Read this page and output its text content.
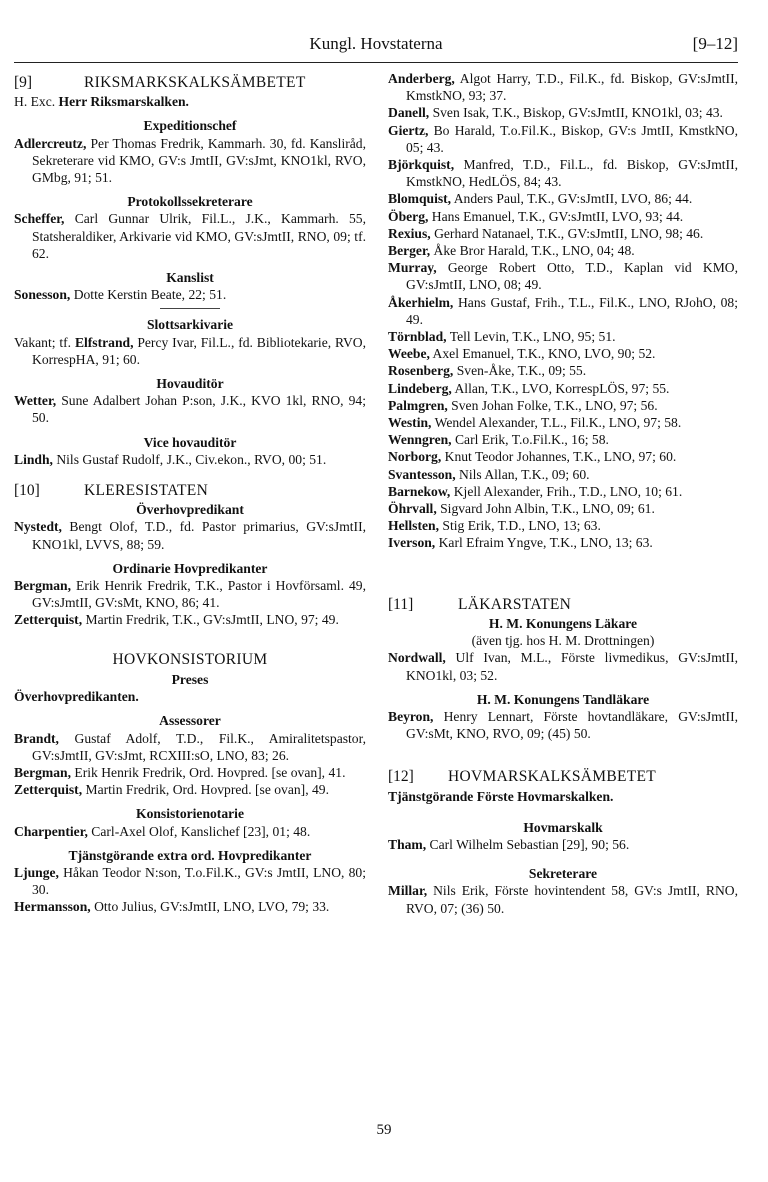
Kungl. Hovstaterna	[9–12]
[9]	RIKSMARKSKALKSÄMBETET
H. Exc. Herr Riksmarskalken.
Expeditionschef
Adlercreutz, Per Thomas Fredrik, Kammarh. 30, fd. Kansliråd, Sekreterare vid KMO, GV:s JmtII, GV:sJmt, KNO1kl, RVO, GMbg, 91; 51.
Protokollssekreterare
Scheffer, Carl Gunnar Ulrik, Fil.L., J.K., Kammarh. 55, Statsheraldiker, Arkivarie vid KMO, GV:sJmtII, RNO, 09; tf. 62.
Kanslist
Sonesson, Dotte Kerstin Beate, 22; 51.
Slottsarkivarie
Vakant; tf. Elfstrand, Percy Ivar, Fil.L., fd. Bibliotekarie, RVO, KorrespHA, 91; 60.
Hovauditör
Wetter, Sune Adalbert Johan P:son, J.K., KVO 1kl, RNO, 94; 50.
Vice hovauditör
Lindh, Nils Gustaf Rudolf, J.K., Civ.ekon., RVO, 00; 51.
[10]	KLERESISTATEN
Överhovpredikant
Nystedt, Bengt Olof, T.D., fd. Pastor primarius, GV:sJmtII, KNO1kl, LVVS, 88; 59.
Ordinarie Hovpredikanter
Bergman, Erik Henrik Fredrik, T.K., Pastor i Hovförsaml. 49, GV:sJmtII, GV:sMt, KNO, 86; 41.
Zetterquist, Martin Fredrik, T.K., GV:sJmtII, LNO, 97; 49.
HOVKONSISTORIUM
Preses
Överhovpredikanten.
Assessorer
Brandt, Gustaf Adolf, T.D., Fil.K., Amiralitetspastor, GV:sJmtII, GV:sJmt, RCXIII:sO, LNO, 83; 26.
Bergman, Erik Henrik Fredrik, Ord. Hovpred. [se ovan], 41.
Zetterquist, Martin Fredrik, Ord. Hovpred. [se ovan], 49.
Konsistorienotarie
Charpentier, Carl-Axel Olof, Kanslichef [23], 01; 48.
Tjänstgörande extra ord. Hovpredikanter
Ljunge, Håkan Teodor N:son, T.o.Fil.K., GV:s JmtII, LNO, 80; 30.
Hermansson, Otto Julius, GV:sJmtII, LNO, LVO, 79; 33.
Anderberg, Algot Harry, T.D., Fil.K., fd. Biskop, GV:sJmtII, KmstkNO, 93; 37.
Danell, Sven Isak, T.K., Biskop, GV:sJmtII, KNO1kl, 03; 43.
Giertz, Bo Harald, T.o.Fil.K., Biskop, GV:s JmtII, KmstkNO, 05; 43.
Björkquist, Manfred, T.D., Fil.L., fd. Biskop, GV:sJmtII, KmstkNO, HedLÖS, 84; 43.
Blomquist, Anders Paul, T.K., GV:sJmtII, LVO, 86; 44.
Öberg, Hans Emanuel, T.K., GV:sJmtII, LVO, 93; 44.
Rexius, Gerhard Natanael, T.K., GV:sJmtII, LNO, 98; 46.
Berger, Åke Bror Harald, T.K., LNO, 04; 48.
Murray, George Robert Otto, T.D., Kaplan vid KMO, GV:sJmtII, LNO, 08; 49.
Åkerhielm, Hans Gustaf, Frih., T.L., Fil.K., LNO, RJohO, 08; 49.
Törnblad, Tell Levin, T.K., LNO, 95; 51.
Weebe, Axel Emanuel, T.K., KNO, LVO, 90; 52.
Rosenberg, Sven-Åke, T.K., 09; 55.
Lindeberg, Allan, T.K., LVO, KorrespLÖS, 97; 55.
Palmgren, Sven Johan Folke, T.K., LNO, 97; 56.
Westin, Wendel Alexander, T.L., Fil.K., LNO, 97; 58.
Wenngren, Carl Erik, T.o.Fil.K., 16; 58.
Norborg, Knut Teodor Johannes, T.K., LNO, 97; 60.
Svantesson, Nils Allan, T.K., 09; 60.
Barnekow, Kjell Alexander, Frih., T.D., LNO, 10; 61.
Öhrvall, Sigvard John Albin, T.K., LNO, 09; 61.
Hellsten, Stig Erik, T.D., LNO, 13; 63.
Iverson, Karl Efraim Yngve, T.K., LNO, 13; 63.
[11]	LÄKARSTATEN
H. M. Konungens Läkare
(även tjg. hos H. M. Drottningen)
Nordwall, Ulf Ivan, M.L., Förste livmedikus, GV:sJmtII, KNO1kl, 03; 52.
H. M. Konungens Tandläkare
Beyron, Henry Lennart, Förste hovtandläkare, GV:sJmtII, GV:sMt, KNO, RVO, 09; (45) 50.
[12]	HOVMARSKALKSÄMBETET
Tjänstgörande Förste Hovmarskalken.
Hovmarskalk
Tham, Carl Wilhelm Sebastian [29], 90; 56.
Sekreterare
Millar, Nils Erik, Förste hovintendent 58, GV:s JmtII, RNO, RVO, 07; (36) 50.
59
